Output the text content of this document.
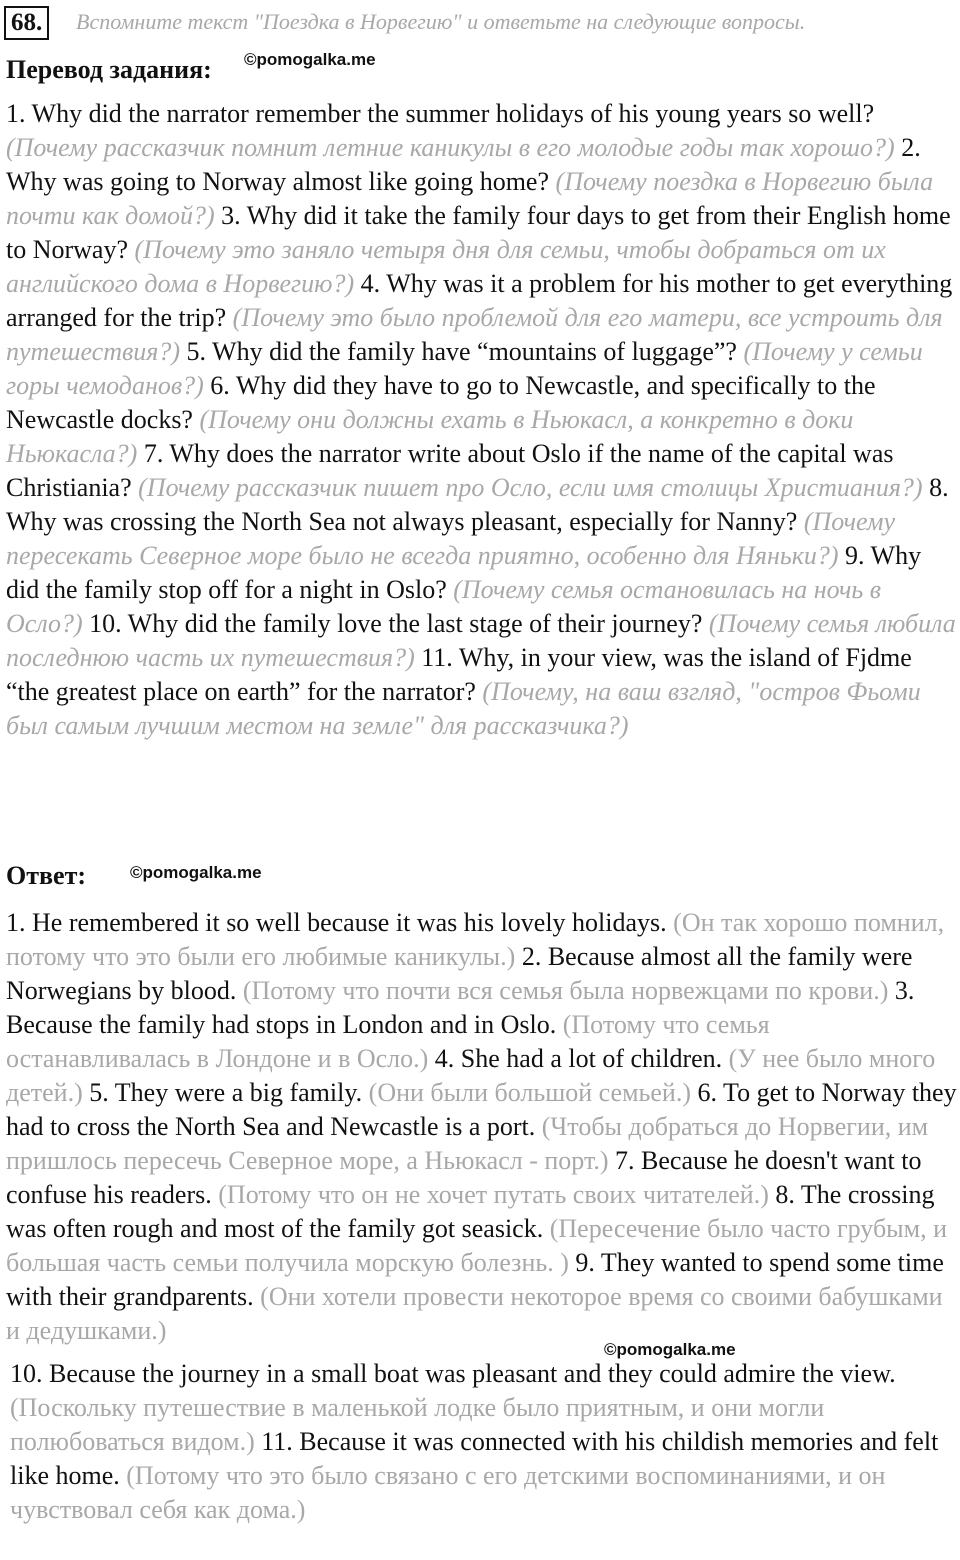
68.	Вспомните текст "Поездка в Норвегию" и ответьте на следующие вопросы.
Перевод задания: ©pomogalka.me
1. Why did the narrator remember the summer holidays of his young years so well? (Почему рассказчик помнит летние каникулы в его молодые годы так хорошо?) 2. Why was going to Norway almost like going home? (Почему поездка в Норвегию была почти как домой?) 3. Why did it take the family four days to get from their English home to Norway? (Почему это заняло четыря дня для семьи, чтобы добраться от их английского дома в Норвегию?) 4. Why was it a problem for his mother to get everything arranged for the trip? (Почему это было проблемой для его матери, все устроить для путешествия?) 5. Why did the family have “mountains of luggage”? (Почему у семьи горы чемоданов?) 6. Why did they have to go to Newcastle, and specifically to the Newcastle docks? (Почему они должны ехать в Ньюкасл, а конкретно в доки Ньюкасла?) 7. Why does the narrator write about Oslo if the name of the capital was Christiania? (Почему рассказчик пишет про Осло, если имя столицы Христиания?) 8. Why was crossing the North Sea not always pleasant, especially for Nanny? (Почему пересекать Северное море было не всегда приятно, особенно для Няньки?) 9. Why did the family stop off for a night in Oslo? (Почему семья остановилась на ночь в Осло?) 10. Why did the family love the last stage of their journey? (Почему семья любила последнюю часть их путешествия?) 11. Why, in your view, was the island of Fjdme “the greatest place on earth” for the narrator? (Почему, на ваш взгляд, "остров Фьоми был самым лучшим местом на земле" для рассказчика?)
Ответ:	©pomogalka.me
1. He remembered it so well because it was his lovely holidays. (Он так хорошо помнил, потому что это были его любимые каникулы.) 2. Because almost all the family were Norwegians by blood. (Потому что почти вся семья была норвежцами по крови.) 3. Because the family had stops in London and in Oslo. (Потому что семья останавливалась в Лондоне и в Осло.) 4. She had a lot of children. (У нее было много детей.) 5. They were a big family. (Они были большой семьей.) 6. To get to Norway they had to cross the North Sea and Newcastle is a port. (Чтобы добраться до Норвегии, им пришлось пересечь Северное море, а Ньюкасл - порт.) 7. Because he doesn't want to confuse his readers. (Потому что он не хочет путать своих читателей.) 8. The crossing was often rough and most of the family got seasick. (Пересечение было часто грубым, и большая часть семьи получила морскую болезнь. ) 9. They wanted to spend some time with their grandparents. (Они хотели провести некоторое время со своими бабушками и дедушками.)
©pomogalka.me
10. Because the journey in a small boat was pleasant and they could admire the view. (Поскольку путешествие в маленькой лодке было приятным, и они могли полюбоваться видом.) 11. Because it was connected with his childish memories and felt like home. (Потому что это было связано с его детскими воспоминаниями, и он чувствовал себя как дома.)
